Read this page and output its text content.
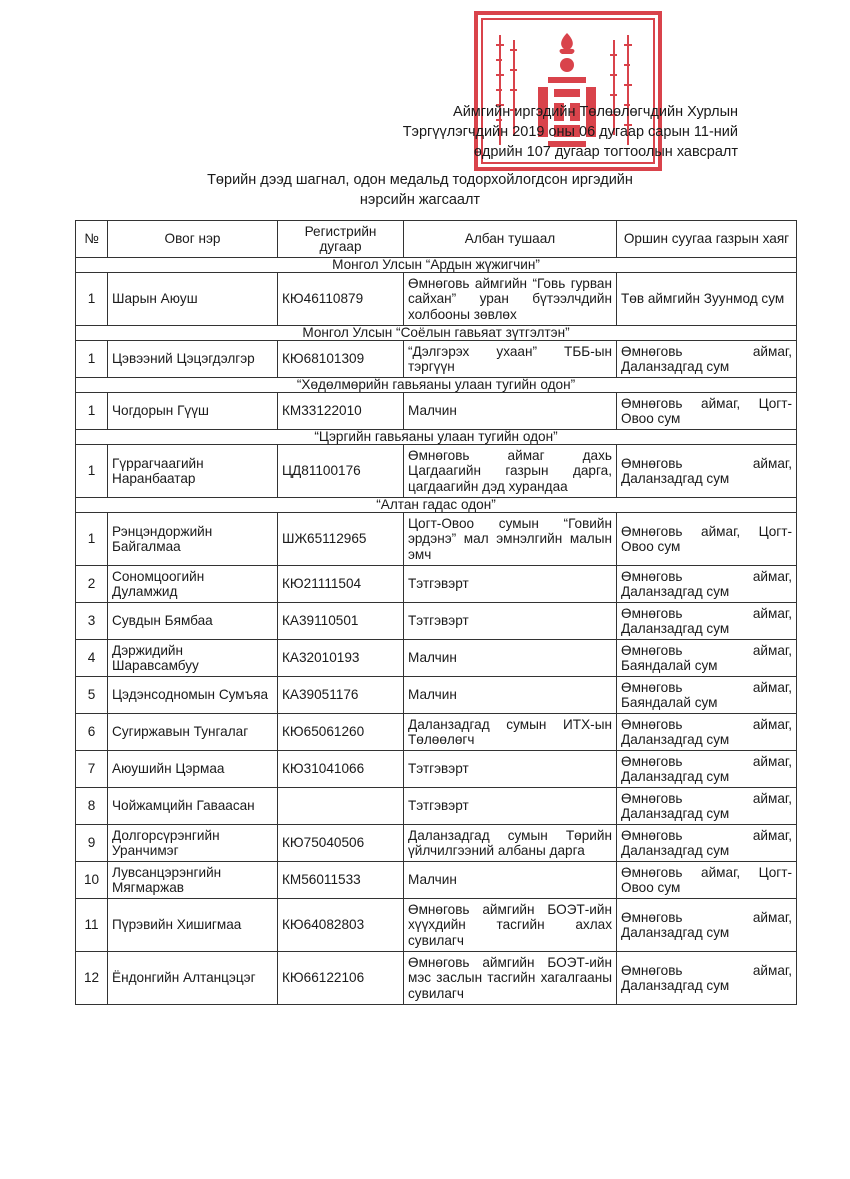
Аймгийн иргэдийн Төлөөлөгчдийн Хурлын
Тэргүүлэгчдийн 2019 оны 06 дугаар сарын 11-ний
өдрийн 107 дугаар тогтоолын хавсралт
Төрийн дээд шагнал, одон медальд тодорхойлогдсон иргэдийн
нэрсийн жагсаалт
№	Овог нэр	Регистрийн дугаар	Албан тушаал	Оршин суугаа газрын хаяг
Монгол Улсын “Ардын жүжигчин”				
1	Шарын Аюуш	КЮ46110879	Өмнөговь аймгийн “Говь гурван сайхан” уран бүтээлчдийн холбооны зөвлөх	Төв аймгийн Зуунмод сум
Монгол Улсын “Соёлын гавьяат зүтгэлтэн”				
1	Цэвээний Цэцэгдэлгэр	КЮ68101309	“Дэлгэрэх ухаан” ТББ-ын тэргүүн	Өмнөговь аймаг, Даланзадгад сум
“Хөдөлмөрийн гавьяаны улаан тугийн одон”				
1	Чогдорын Гүүш	КМ33122010	Малчин	Өмнөговь аймаг, Цогт-Овоо сум
“Цэргийн гавьяаны улаан тугийн одон”				
1	Гүррагчаагийн Наранбаатар	ЦД81100176	Өмнөговь аймаг дахь Цагдаагийн газрын дарга, цагдаагийн дэд хурандаа	Өмнөговь аймаг, Даланзадгад сум
“Алтан гадас одон”				
1	Рэнцэндоржийн Байгалмаа	ШЖ65112965	Цогт-Овоо сумын “Говийн эрдэнэ” мал эмнэлгийн малын эмч	Өмнөговь аймаг, Цогт-Овоо сум
2	Сономцоогийн Дуламжид	КЮ21111504	Тэтгэвэрт	Өмнөговь аймаг, Даланзадгад сум
3	Сувдын Бямбаа	КА39110501	Тэтгэвэрт	Өмнөговь аймаг, Даланзадгад сум
4	Дэржидийн Шаравсамбуу	КА32010193	Малчин	Өмнөговь аймаг, Баяндалай сум
5	Цэдэнсодномын Сумъяа	КА39051176	Малчин	Өмнөговь аймаг, Баяндалай сум
6	Сугиржавын Тунгалаг	КЮ65061260	Даланзадгад сумын ИТХ-ын Төлөөлөгч	Өмнөговь аймаг, Даланзадгад сум
7	Аюушийн Цэрмаа	КЮ31041066	Тэтгэвэрт	Өмнөговь аймаг, Даланзадгад сум
8	Чойжамцийн Гаваасан		Тэтгэвэрт	Өмнөговь аймаг, Даланзадгад сум
9	Долгорсүрэнгийн Уранчимэг	КЮ75040506	Даланзадгад сумын Төрийн үйлчилгээний албаны дарга	Өмнөговь аймаг, Даланзадгад сум
10	Лувсанцэрэнгийн Мягмаржав	КМ56011533	Малчин	Өмнөговь аймаг, Цогт-Овоо сум
11	Пүрэвийн Хишигмаа	КЮ64082803	Өмнөговь аймгийн БОЭТ-ийн хүүхдийн тасгийн ахлах сувилагч	Өмнөговь аймаг, Даланзадгад сум
12	Ёндонгийн Алтанцэцэг	КЮ66122106	Өмнөговь аймгийн БОЭТ-ийн мэс заслын тасгийн хагалгааны сувилагч	Өмнөговь аймаг, Даланзадгад сум
